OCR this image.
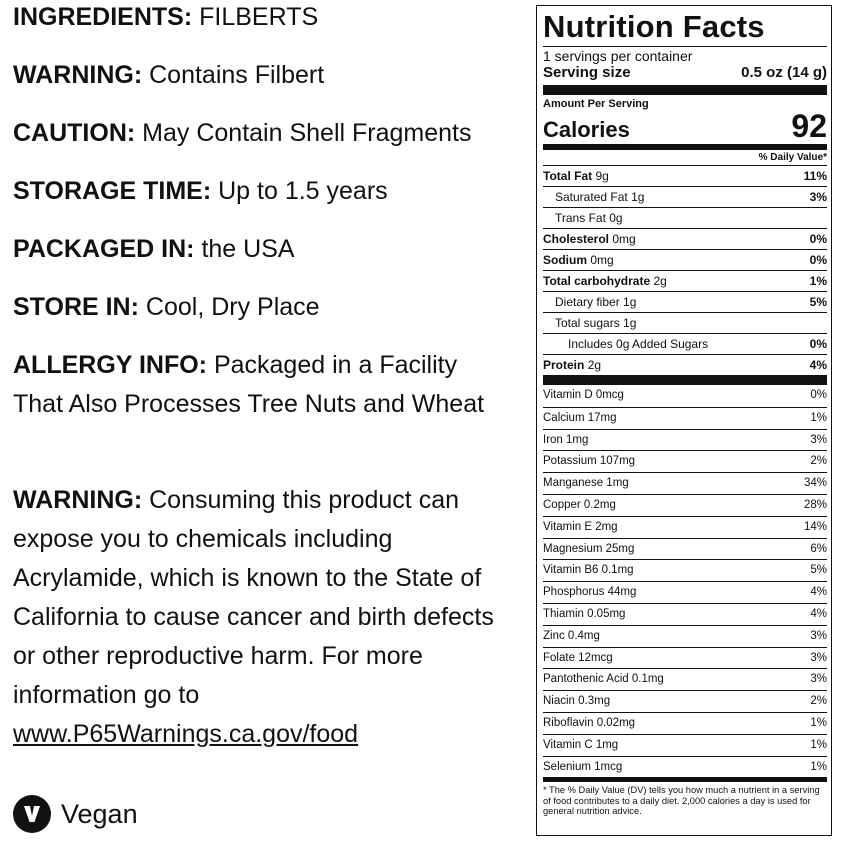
INGREDIENTS: FILBERTS

WARNING: Contains Filbert

CAUTION: May Contain Shell Fragments

STORAGE TIME: Up to 1.5 years

PACKAGED IN: the USA

STORE IN: Cool, Dry Place

ALLERGY INFO: Packaged in a Facility That Also Processes Tree Nuts and Wheat

WARNING: Consuming this product can expose you to chemicals including Acrylamide, which is known to the State of California to cause cancer and birth defects or other reproductive harm. For more information go to www.P65Warnings.ca.gov/food

Vegan
Nutrition Facts
1 servings per container
Serving size	0.5 oz (14 g)
Amount Per Serving
Calories	92
% Daily Value*
Total Fat 9g	11%
Saturated Fat 1g	3%
Trans Fat 0g
Cholesterol 0mg	0%
Sodium 0mg	0%
Total carbohydrate 2g	1%
Dietary fiber 1g	5%
Total sugars 1g
Includes 0g Added Sugars	0%
Protein 2g	4%
Vitamin D 0mcg	0%
Calcium 17mg	1%
Iron 1mg	3%
Potassium 107mg	2%
Manganese 1mg	34%
Copper 0.2mg	28%
Vitamin E 2mg	14%
Magnesium 25mg	6%
Vitamin B6 0.1mg	5%
Phosphorus 44mg	4%
Thiamin 0.05mg	4%
Zinc 0.4mg	3%
Folate 12mcg	3%
Pantothenic Acid 0.1mg	3%
Niacin 0.3mg	2%
Riboflavin 0.02mg	1%
Vitamin C 1mg	1%
Selenium 1mcg	1%
* The % Daily Value (DV) tells you how much a nutrient in a serving of food contributes to a daily diet. 2,000 calories a day is used for general nutrition advice.
